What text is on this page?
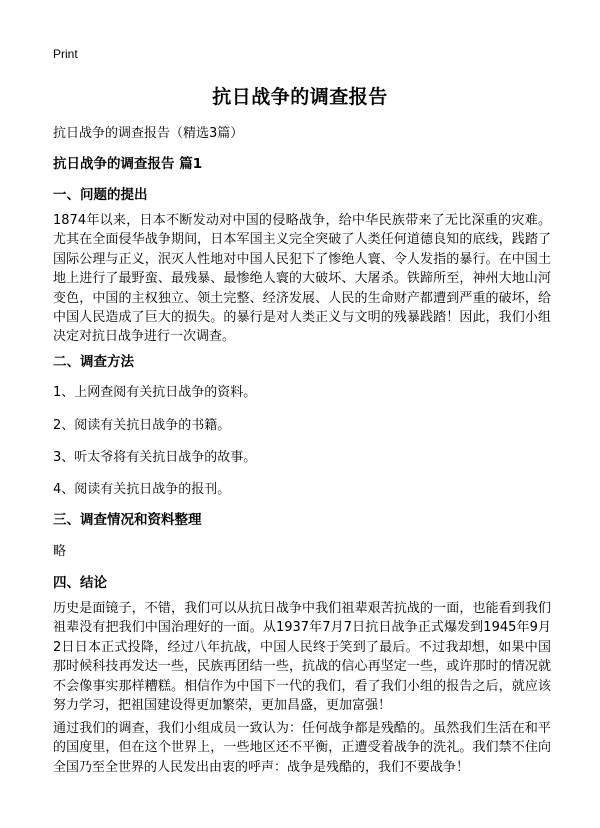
Print
抗日战争的调查报告
抗日战争的调查报告（精选3篇）
抗日战争的调查报告 篇1
一、问题的提出

1874年以来，日本不断发动对中国的侵略战争，给中华民族带来了无比深重的灾难。尤其在全面侵华战争期间，日本军国主义完全突破了人类任何道德良知的底线，践踏了国际公理与正义，泯灭人性地对中国人民犯下了惨绝人寰、令人发指的暴行。在中国土地上进行了最野蛮、最残暴、最惨绝人寰的大破坏、大屠杀。铁蹄所至，神州大地山河变色，中国的主权独立、领土完整、经济发展、人民的生命财产都遭到严重的破坏，给中国人民造成了巨大的损失。的暴行是对人类正义与文明的残暴践踏！因此，我们小组决定对抗日战争进行一次调查。

二、调查方法
1、上网查阅有关抗日战争的资料。
2、阅读有关抗日战争的书籍。
3、听太爷将有关抗日战争的故事。
4、阅读有关抗日战争的报刊。
三、调查情况和资料整理
略
四、结论

历史是面镜子，不错，我们可以从抗日战争中我们祖辈艰苦抗战的一面，也能看到我们祖辈没有把我们中国治理好的一面。从1937年7月7日抗日战争正式爆发到1945年9月2日日本正式投降，经过八年抗战，中国人民终于笑到了最后。不过我却想，如果中国那时候科技再发达一些，民族再团结一些，抗战的信心再坚定一些，或许那时的情况就不会像事实那样糟糕。相信作为中国下一代的我们，看了我们小组的报告之后，就应该努力学习，把祖国建设得更加繁荣，更加昌盛，更加富强！

通过我们的调查，我们小组成员一致认为：任何战争都是残酷的。虽然我们生活在和平的国度里，但在这个世界上，一些地区还不平衡，正遭受着战争的洗礼。我们禁不住向全国乃至全世界的人民发出由衷的呼声：战争是残酷的，我们不要战争！
